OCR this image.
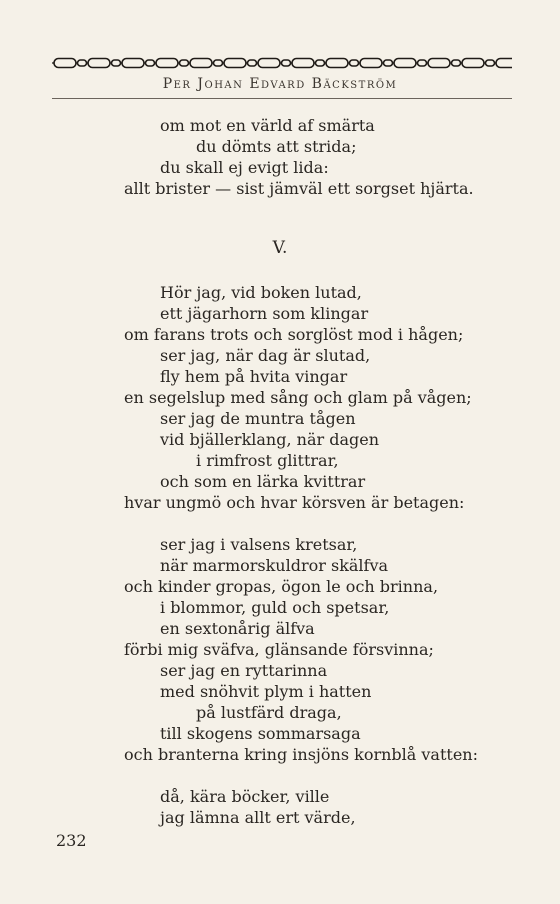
Per Johan Edvard Bäckström
om mot en värld af smärta
du dömts att strida;
du skall ej evigt lida:
allt brister — sist jämväl ett sorgset hjärta.
V.
Hör jag, vid boken lutad,
ett jägarhorn som klingar
om farans trots och sorglöst mod i hågen;
ser jag, när dag är slutad,
fly hem på hvita vingar
en segelslup med sång och glam på vågen;
ser jag de muntra tågen
vid bjällerklang, när dagen
i rimfrost glittrar,
och som en lärka kvittrar
hvar ungmö och hvar körsven är betagen:
ser jag i valsens kretsar,
när marmorskuldror skälfva
och kinder gropas, ögon le och brinna,
i blommor, guld och spetsar,
en sextonårig älfva
förbi mig sväfva, glänsande försvinna;
ser jag en ryttarinna
med snöhvit plym i hatten
på lustfärd draga,
till skogens sommarsaga
och branterna kring insjöns kornblå vatten:
då, kära böcker, ville
jag lämna allt ert värde,
232
